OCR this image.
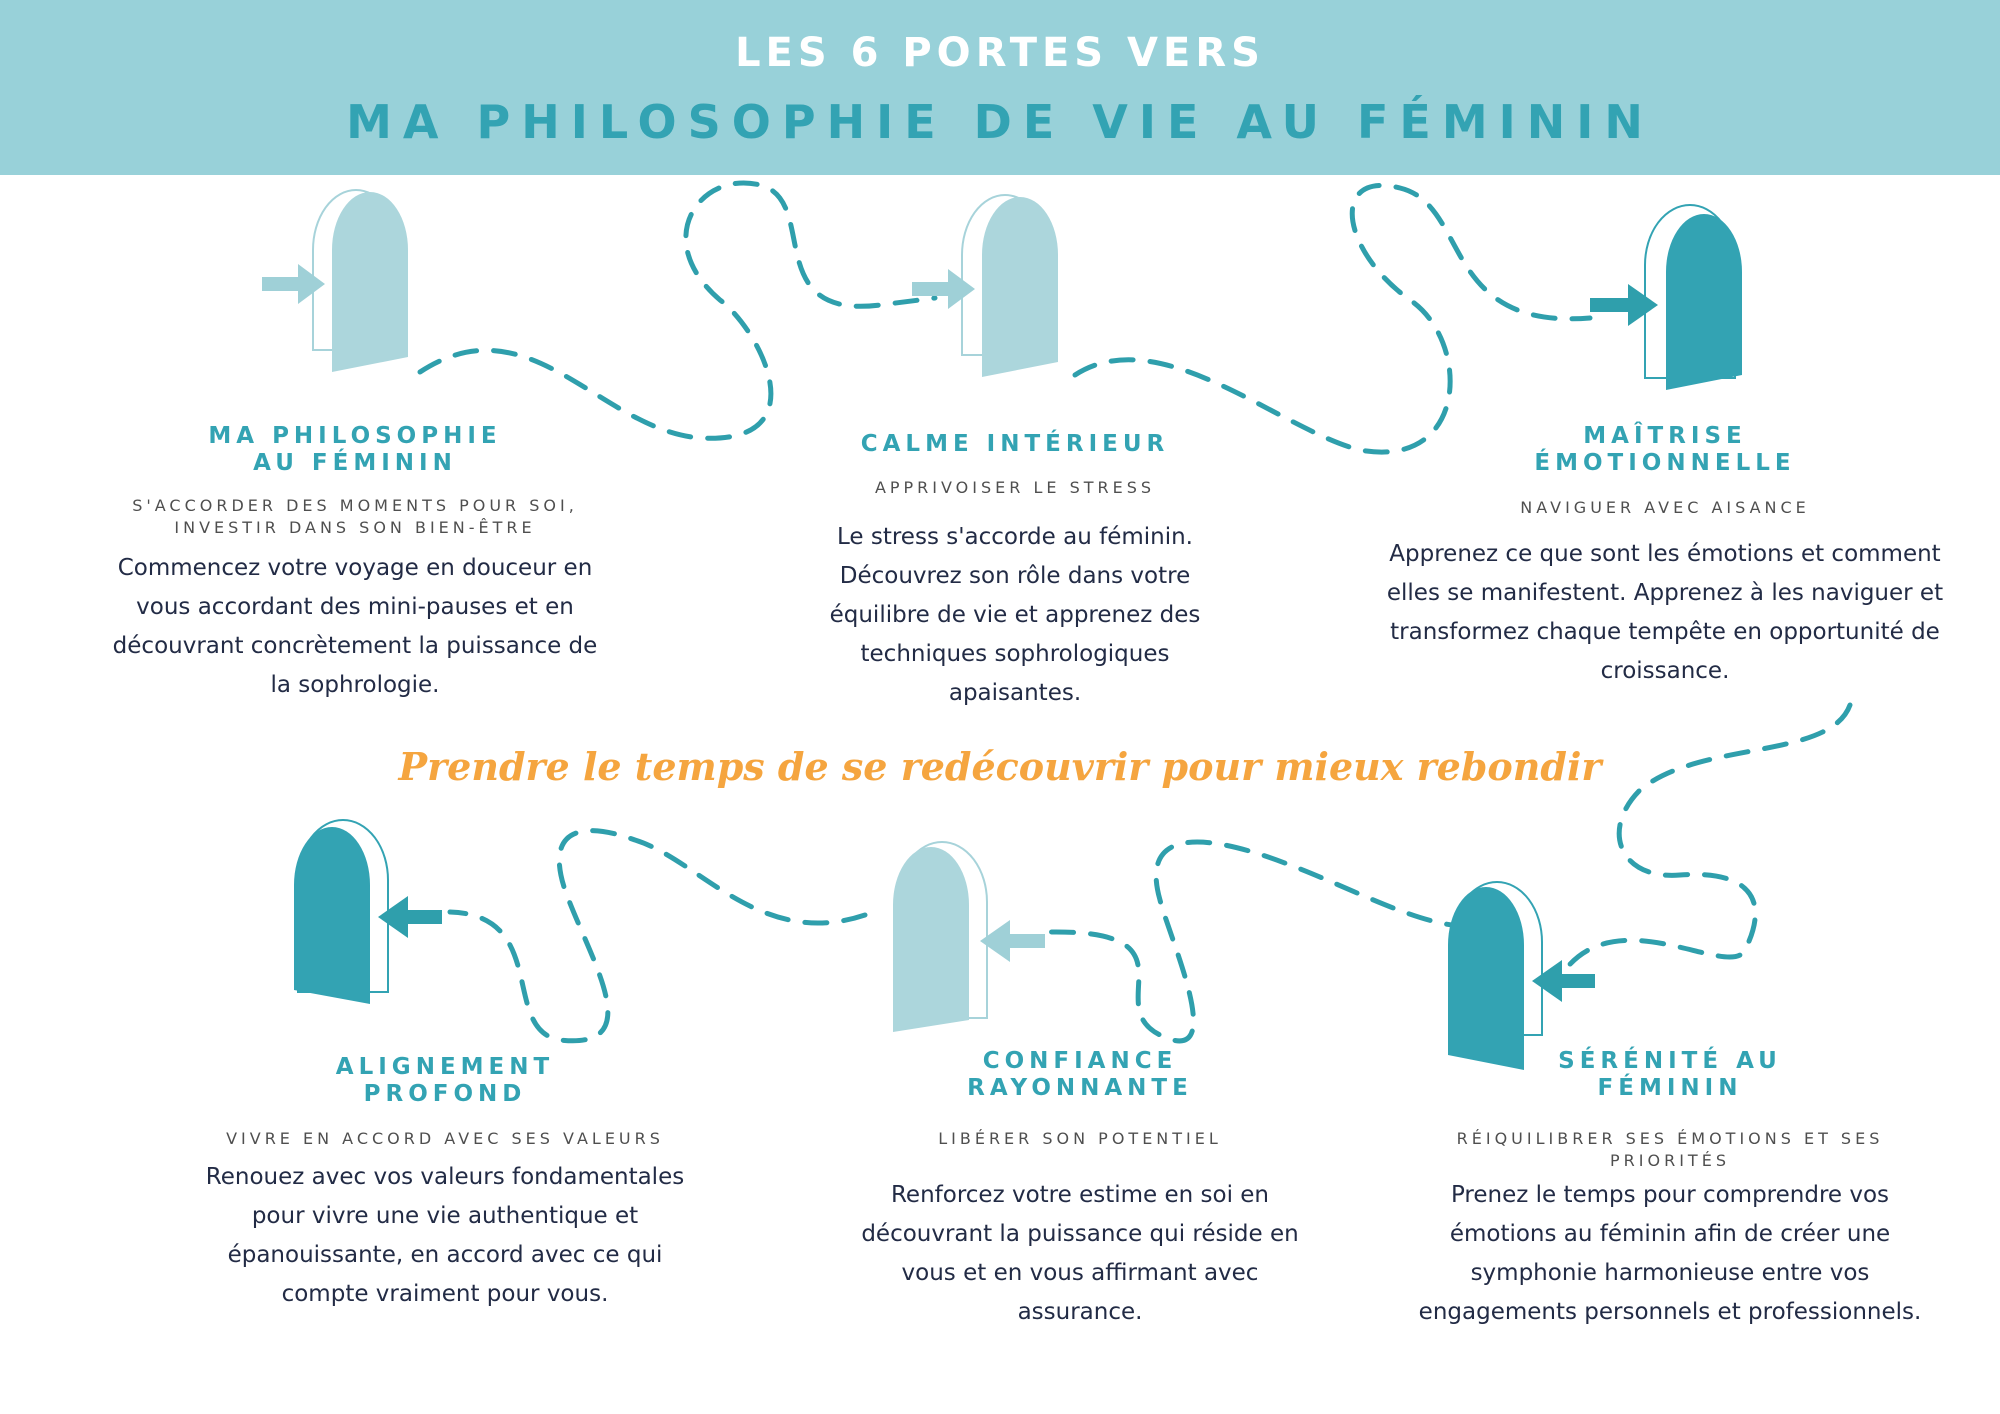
LES 6 PORTES VERS
MA PHILOSOPHIE DE VIE AU FÉMININ
MA PHILOSOPHIE
AU FÉMININ
S'ACCORDER DES MOMENTS POUR SOI,
INVESTIR DANS SON BIEN-ÊTRE
Commencez votre voyage en douceur en vous accordant des mini-pauses et en découvrant concrètement la puissance de la sophrologie.
CALME INTÉRIEUR
APPRIVOISER LE STRESS
Le stress s'accorde au féminin. Découvrez son rôle dans votre équilibre de vie et apprenez des techniques sophrologiques apaisantes.
MAÎTRISE
ÉMOTIONNELLE
NAVIGUER AVEC AISANCE
Apprenez ce que sont les émotions et comment elles se manifestent. Apprenez à les naviguer et transformez chaque tempête en opportunité de croissance.
Prendre le temps de se redécouvrir pour mieux rebondir
ALIGNEMENT
PROFOND
VIVRE EN ACCORD AVEC SES VALEURS
Renouez avec vos valeurs fondamentales pour vivre une vie authentique et épanouissante, en accord avec ce qui compte vraiment pour vous.
CONFIANCE
RAYONNANTE
LIBÉRER SON POTENTIEL
Renforcez votre estime en soi en découvrant la puissance qui réside en vous et en vous affirmant avec assurance.
SÉRÉNITÉ AU
FÉMININ
RÉIQUILIBRER SES ÉMOTIONS ET SES
PRIORITÉS
Prenez le temps pour comprendre vos émotions au féminin afin de créer une symphonie harmonieuse entre vos engagements personnels et professionnels.
